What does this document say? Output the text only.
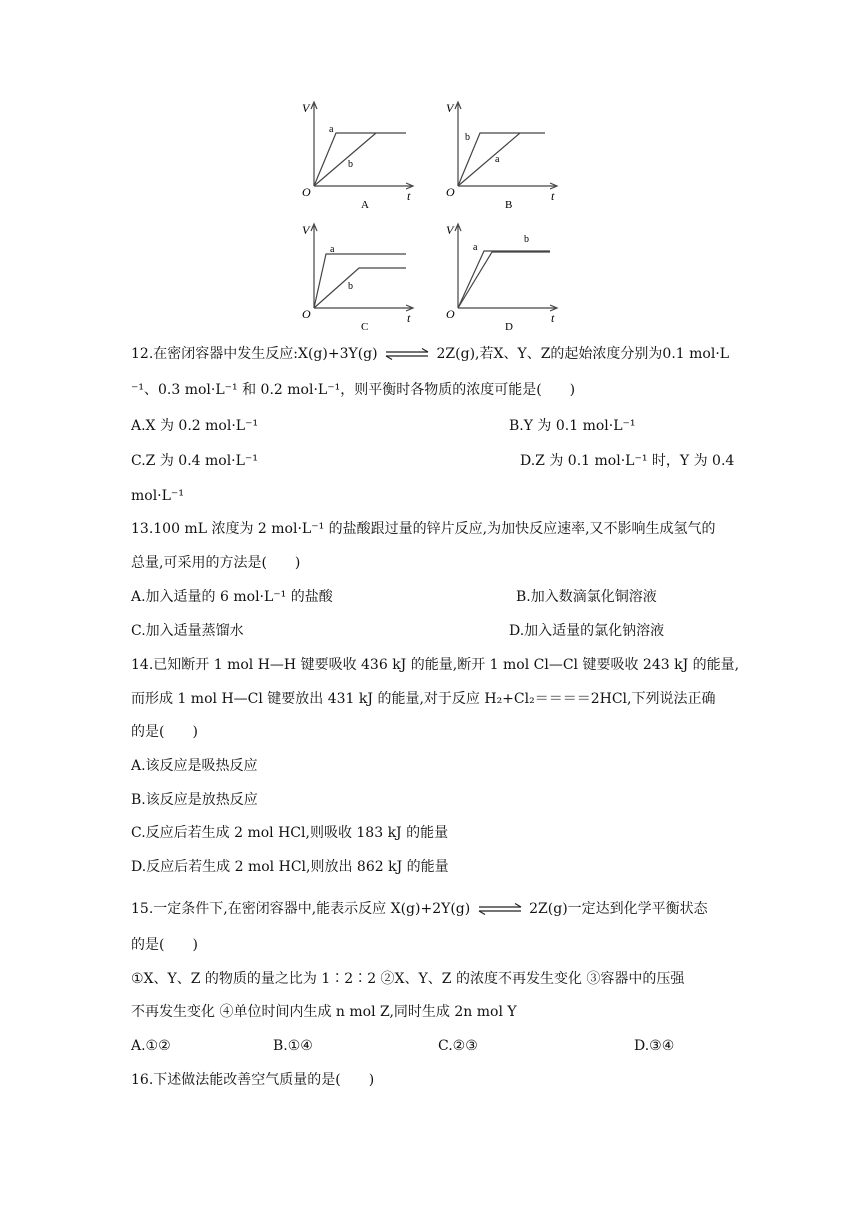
V
t
O
a
b
A
V
t
O
b
a
B
V
t
O
a
b
C
V
t
O
a
b
D
12.在密闭容器中发生反应:X(g)+3Y(g) ⇌ 2Z(g),若X、Y、Z的起始浓度分别为0.1 mol·L
⁻¹、0.3 mol·L⁻¹ 和 0.2 mol·L⁻¹，则平衡时各物质的浓度可能是(　　)
A.X 为 0.2 mol·L⁻¹	B.Y 为 0.1 mol·L⁻¹
C.Z 为 0.4 mol·L⁻¹	D.Z 为 0.1 mol·L⁻¹ 时，Y 为 0.4
mol·L⁻¹
13.100 mL 浓度为 2 mol·L⁻¹ 的盐酸跟过量的锌片反应,为加快反应速率,又不影响生成氢气的
总量,可采用的方法是(　　)
A.加入适量的 6 mol·L⁻¹ 的盐酸	B.加入数滴氯化铜溶液
C.加入适量蒸馏水	D.加入适量的氯化钠溶液
14.已知断开 1 mol H—H 键要吸收 436 kJ 的能量,断开 1 mol Cl—Cl 键要吸收 243 kJ 的能量,
而形成 1 mol H—Cl 键要放出 431 kJ 的能量,对于反应 H₂+Cl₂＝＝＝＝2HCl,下列说法正确
的是(　　)
A.该反应是吸热反应
B.该反应是放热反应
C.反应后若生成 2 mol HCl,则吸收 183 kJ 的能量
D.反应后若生成 2 mol HCl,则放出 862 kJ 的能量
15.一定条件下,在密闭容器中,能表示反应 X(g)+2Y(g) ⇌ 2Z(g)一定达到化学平衡状态
的是(　　)
①X、Y、Z 的物质的量之比为 1∶2∶2 ②X、Y、Z 的浓度不再发生变化 ③容器中的压强
不再发生变化 ④单位时间内生成 n mol Z,同时生成 2n mol Y
A.①②	B.①④	C.②③	D.③④
16.下述做法能改善空气质量的是(　　)
